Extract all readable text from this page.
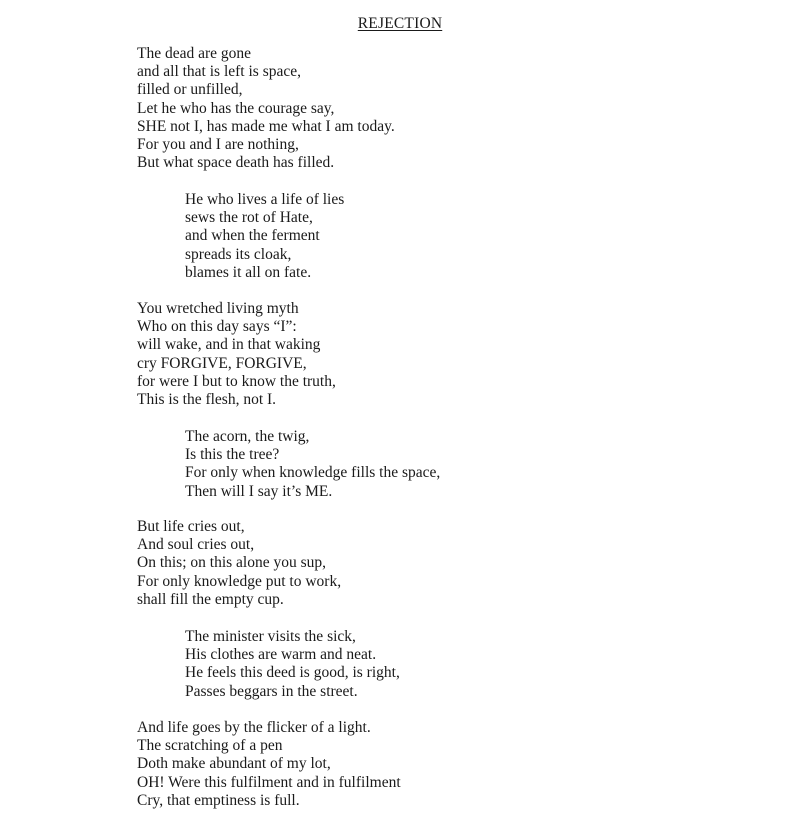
REJECTION
The dead are gone
and all that is left is space,
filled or unfilled,
Let he who has the courage say,
SHE not I, has made me what I am today.
For you and I are nothing,
But what space death has filled.
He who lives a life of lies
sews the rot of Hate,
and when the ferment
spreads its cloak,
blames it all on fate.
You wretched living myth
Who on this day says “I”:
will wake, and in that waking
cry FORGIVE, FORGIVE,
for were I but to know the truth,
This is the flesh, not I.
The acorn, the twig,
Is this the tree?
For only when knowledge fills the space,
Then will I say it’s ME.
But life cries out,
And soul cries out,
On this; on this alone you sup,
For only knowledge put to work,
shall fill the empty cup.
The minister visits the sick,
His clothes are warm and neat.
He feels this deed is good, is right,
Passes beggars in the street.
And life goes by the flicker of a light.
The scratching of a pen
Doth make abundant of my lot,
OH! Were this fulfilment and in fulfilment
Cry, that emptiness is full.
